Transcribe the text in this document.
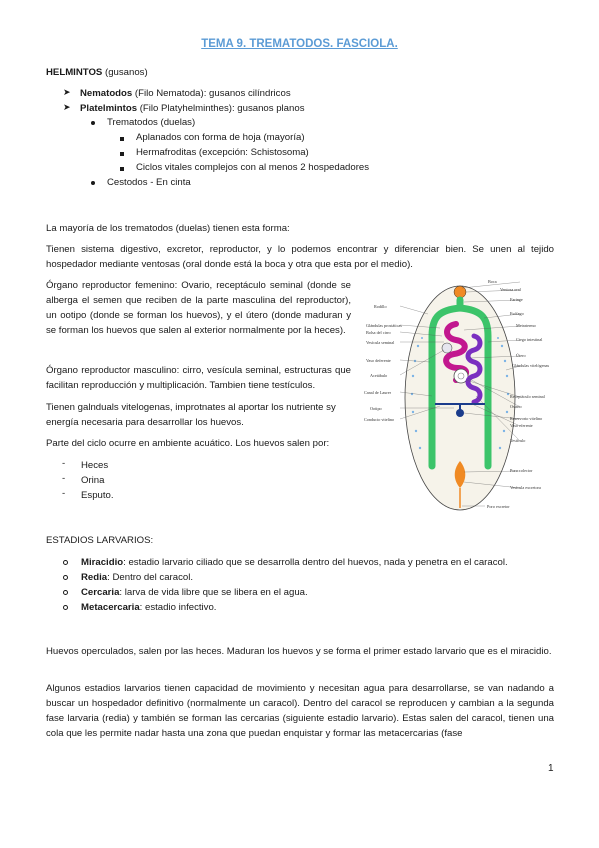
TEMA 9. TREMATODOS. FASCIOLA.
HELMINTOS (gusanos)
➤ Nematodos (Filo Nematoda): gusanos cilíndricos
➤ Platelmintos (Filo Platyhelminthes): gusanos planos
Trematodos (duelas)
Aplanados con forma de hoja (mayoría)
Hermafroditas (excepción: Schistosoma)
Ciclos vitales complejos con al menos 2 hospedadores
Cestodos - En cinta
La mayoría de los trematodos (duelas) tienen esta forma:
Tienen sistema digestivo, excretor, reproductor, y lo podemos encontrar y diferenciar bien. Se unen al tejido hospedador mediante ventosas (oral donde está la boca y otra que esta por el medio).
Órgano reproductor femenino: Ovario, receptáculo seminal (donde se alberga el semen que reciben de la parte masculina del reproductor), un ootipo (donde se forman los huevos), y el útero (donde maduran y se forman los huevos que salen al exterior normalmente por la heces).
Órgano reproductor masculino: cirro, vesícula seminal, estructuras que facilitan reproducción y multiplicación. Tambien tiene testículos.
Tienen galnduals vitelogenas, improtnates al aportar los nutriente sy energía necesaria para desarrollar los huevos.
Parte del ciclo ocurre en ambiente acuático. Los huevos salen por:
- Heces
- Orina
- Esputo.
ESTADIOS LARVARIOS:
Miracidio: estadio larvario ciliado que se desarrolla dentro del huevos, nada y penetra en el caracol.
Redia: Dentro del caracol.
Cercaria: larva de vida libre que se libera en el agua.
Metacercaria: estadio infectivo.
Huevos operculados, salen por las heces. Maduran los huevos y se forma el primer estado larvario que es el miracidio.
Algunos estadios larvarios tienen capacidad de movimiento y necesitan agua para desarrollarse, se van nadando a buscar un hospedador definitivo (normalmente un caracol). Dentro del caracol se reproducen y cambian a la segunda fase larvaria (redia) y también se forman las cercarias (siguiente estadio larvario). Estas salen del caracol, tienen una cola que les permite nadar hasta una zona que puedan enquistar y formar las metacercarias (fase
Rodillo
Glándulas prostáticas
Bolsa del cirro
Vesícula seminal
Vaso deferente
Acetábulo
Canal de Laurer
Ootipo
Conducto vitelino
Boca
Ventosa oral
Faringe
Esófago
Metratermo
Ciego intestinal
Útero
Glándulas vitelógenas
Receptáculo seminal
Ovario
Reservorio vitelino
Vaso eferente
Testículo
Poro colector
Vesícula excretora
Poro excretor
1
